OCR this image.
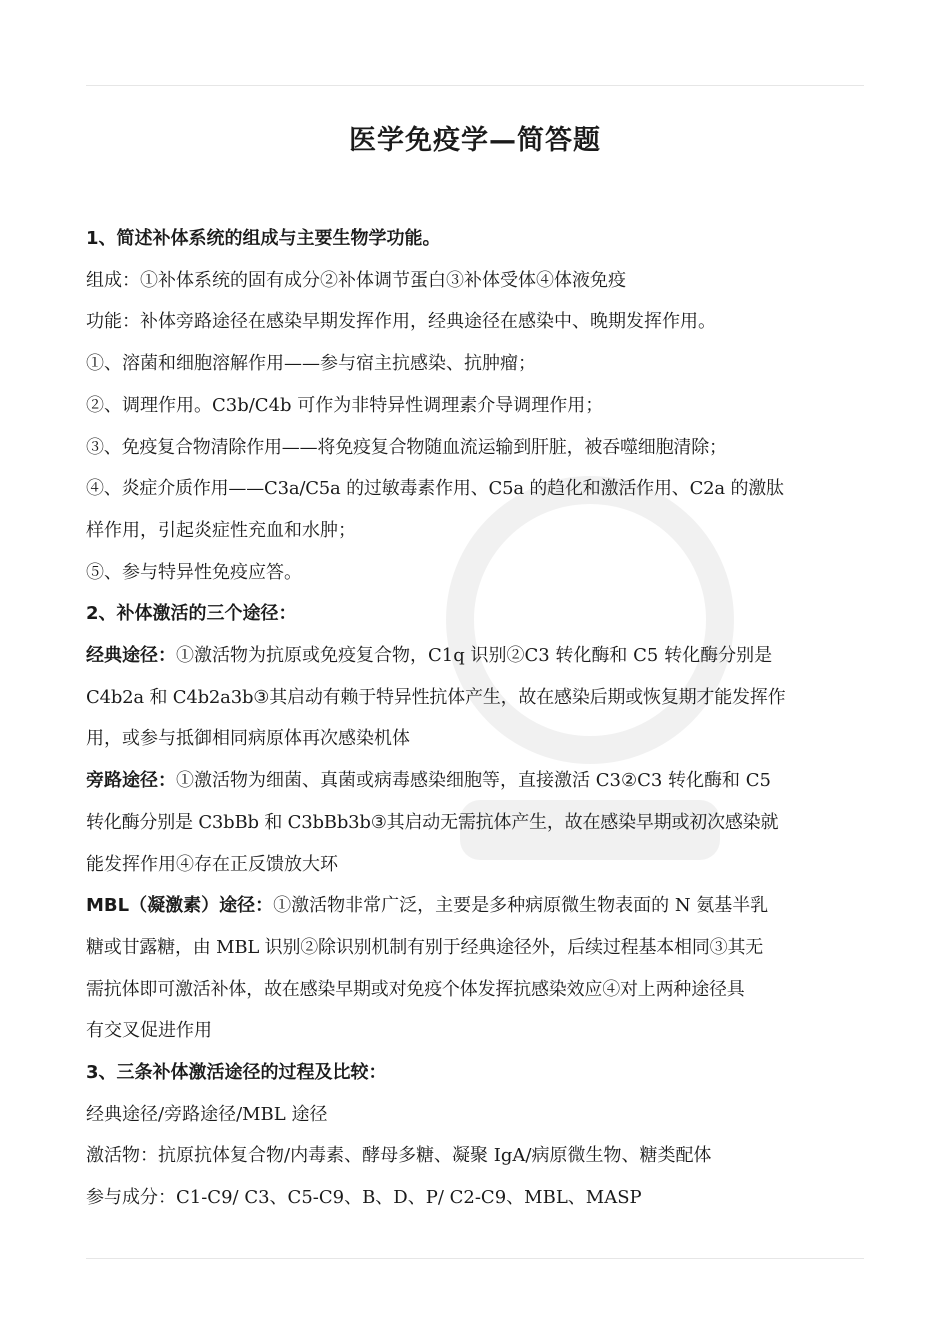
医学免疫学—简答题
1、简述补体系统的组成与主要生物学功能。
组成：①补体系统的固有成分②补体调节蛋白③补体受体④体液免疫
功能：补体旁路途径在感染早期发挥作用，经典途径在感染中、晚期发挥作用。
①、溶菌和细胞溶解作用——参与宿主抗感染、抗肿瘤；
②、调理作用。C3b/C4b 可作为非特异性调理素介导调理作用；
③、免疫复合物清除作用——将免疫复合物随血流运输到肝脏，被吞噬细胞清除；
④、炎症介质作用——C3a/C5a 的过敏毒素作用、C5a 的趋化和激活作用、C2a 的激肽
样作用，引起炎症性充血和水肿；
⑤、参与特异性免疫应答。
2、补体激活的三个途径：
经典途径：①激活物为抗原或免疫复合物，C1q 识别②C3 转化酶和 C5 转化酶分别是
C4b2a 和 C4b2a3b③其启动有赖于特异性抗体产生，故在感染后期或恢复期才能发挥作
用，或参与抵御相同病原体再次感染机体
旁路途径：①激活物为细菌、真菌或病毒感染细胞等，直接激活 C3②C3 转化酶和 C5
转化酶分别是 C3bBb 和 C3bBb3b③其启动无需抗体产生，故在感染早期或初次感染就
能发挥作用④存在正反馈放大环
MBL（凝激素）途径：①激活物非常广泛，主要是多种病原微生物表面的 N 氨基半乳
糖或甘露糖，由 MBL 识别②除识别机制有别于经典途径外，后续过程基本相同③其无
需抗体即可激活补体，故在感染早期或对免疫个体发挥抗感染效应④对上两种途径具
有交叉促进作用
3、三条补体激活途径的过程及比较：
经典途径/旁路途径/MBL 途径
激活物：抗原抗体复合物/内毒素、酵母多糖、凝聚 IgA/病原微生物、糖类配体
参与成分：C1-C9/ C3、C5-C9、B、D、P/ C2-C9、MBL、MASP
